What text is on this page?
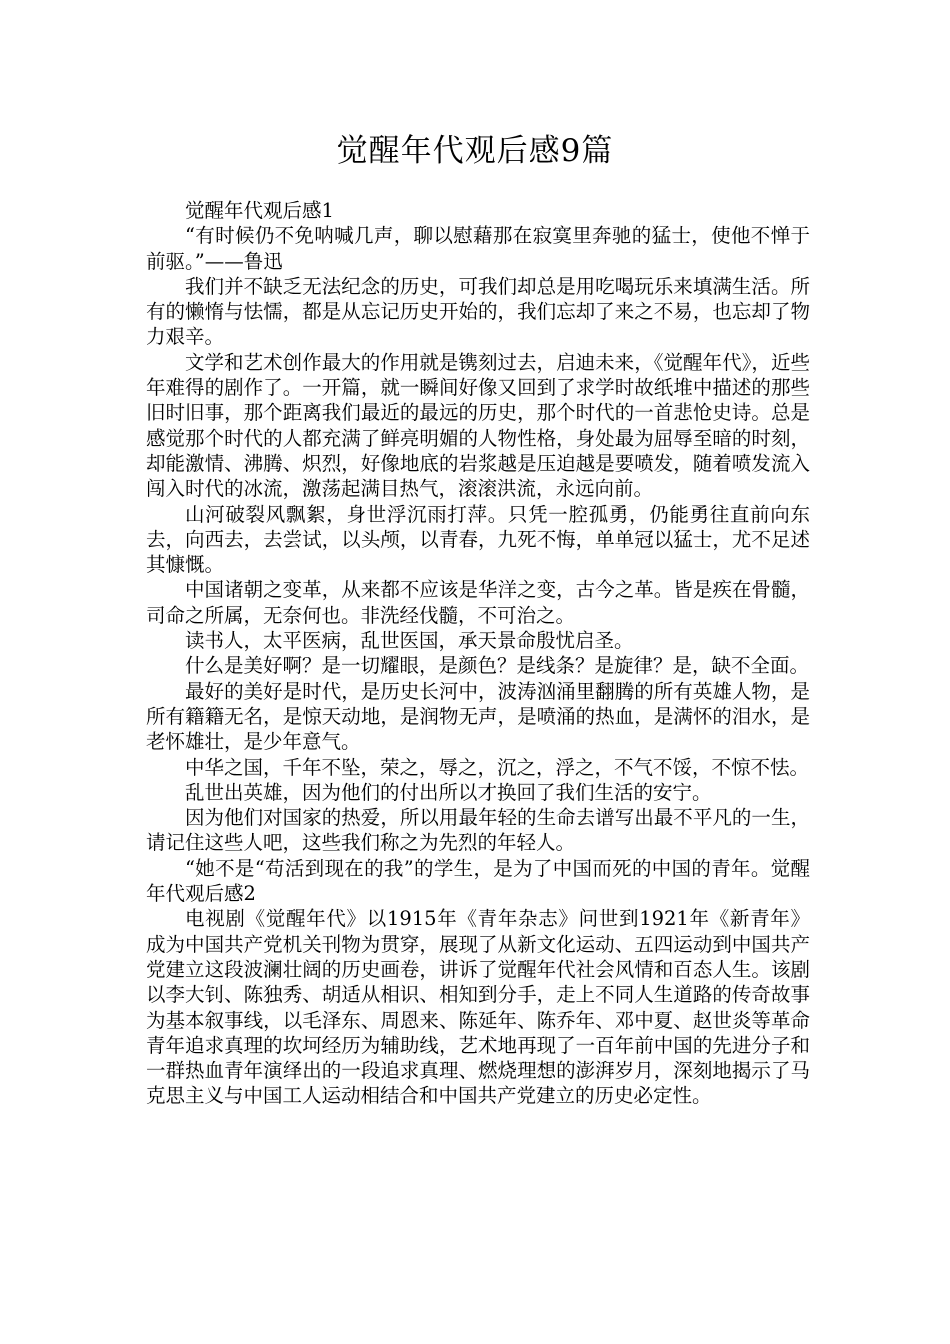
觉醒年代观后感9篇

觉醒年代观后感1

“有时候仍不免呐喊几声，聊以慰藉那在寂寞里奔驰的猛士，使他不惮于前驱。”——鲁迅

我们并不缺乏无法纪念的历史，可我们却总是用吃喝玩乐来填满生活。所有的懒惰与怯懦，都是从忘记历史开始的，我们忘却了来之不易，也忘却了物力艰辛。

文学和艺术创作最大的作用就是镌刻过去，启迪未来，《觉醒年代》，近些年难得的剧作了。一开篇，就一瞬间好像又回到了求学时故纸堆中描述的那些旧时旧事，那个距离我们最近的最远的历史，那个时代的一首悲怆史诗。总是感觉那个时代的人都充满了鲜亮明媚的人物性格，身处最为屈辱至暗的时刻，却能激情、沸腾、炽烈，好像地底的岩浆越是压迫越是要喷发，随着喷发流入闯入时代的冰流，激荡起满目热气，滚滚洪流，永远向前。

山河破裂风飘絮，身世浮沉雨打萍。只凭一腔孤勇，仍能勇往直前向东去，向西去，去尝试，以头颅，以青春，九死不悔，单单冠以猛士，尤不足述其慷慨。

中国诸朝之变革，从来都不应该是华洋之变，古今之革。皆是疾在骨髓，司命之所属，无奈何也。非洗经伐髓，不可治之。

读书人，太平医病，乱世医国，承天景命殷忧启圣。

什么是美好啊？是一切耀眼，是颜色？是线条？是旋律？是，缺不全面。

最好的美好是时代，是历史长河中，波涛汹涌里翻腾的所有英雄人物，是所有籍籍无名，是惊天动地，是润物无声，是喷涌的热血，是满怀的泪水，是老怀雄壮，是少年意气。

中华之国，千年不坠，荣之，辱之，沉之，浮之，不气不馁，不惊不怯。

乱世出英雄，因为他们的付出所以才换回了我们生活的安宁。

因为他们对国家的热爱，所以用最年轻的生命去谱写出最不平凡的一生，请记住这些人吧，这些我们称之为先烈的年轻人。

“她不是“苟活到现在的我”的学生，是为了中国而死的中国的青年。觉醒年代观后感2

电视剧《觉醒年代》以1915年《青年杂志》问世到1921年《新青年》成为中国共产党机关刊物为贯穿，展现了从新文化运动、五四运动到中国共产党建立这段波澜壮阔的历史画卷，讲诉了觉醒年代社会风情和百态人生。该剧以李大钊、陈独秀、胡适从相识、相知到分手，走上不同人生道路的传奇故事为基本叙事线，以毛泽东、周恩来、陈延年、陈乔年、邓中夏、赵世炎等革命青年追求真理的坎坷经历为辅助线，艺术地再现了一百年前中国的先进分子和一群热血青年演绎出的一段追求真理、燃烧理想的澎湃岁月，深刻地揭示了马克思主义与中国工人运动相结合和中国共产党建立的历史必定性。
